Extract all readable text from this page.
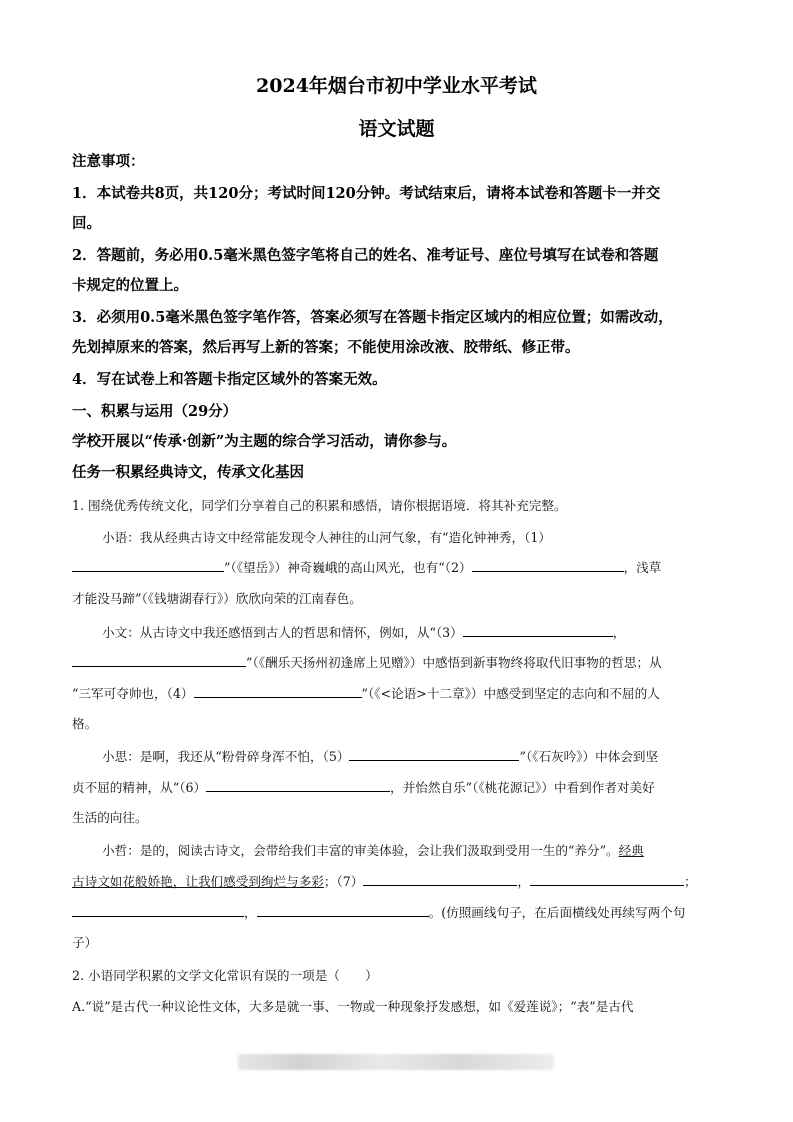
2024年烟台市初中学业水平考试
语文试题
注意事项：
1．本试卷共8页，共120分；考试时间120分钟。考试结束后，请将本试卷和答题卡一并交
回。
2．答题前，务必用0.5毫米黑色签字笔将自己的姓名、准考证号、座位号填写在试卷和答题
卡规定的位置上。
3．必须用0.5毫米黑色签字笔作答，答案必须写在答题卡指定区域内的相应位置；如需改动，
先划掉原来的答案，然后再写上新的答案；不能使用涂改液、胶带纸、修正带。
4．写在试卷上和答题卡指定区域外的答案无效。
一、积累与运用（29分）
学校开展以“传承·创新”为主题的综合学习活动，请你参与。
任务一积累经典诗文，传承文化基因
1. 围绕优秀传统文化，同学们分享着自己的积累和感悟，请你根据语境．将其补充完整。
小语：我从经典古诗文中经常能发现令人神往的山河气象，有“造化钟神秀，（1）
”（《望岳》）神奇巍峨的高山风光，也有“（2）	，浅草
才能没马蹄”（《钱塘湖春行》）欣欣向荣的江南春色。
小文：从古诗文中我还感悟到古人的哲思和情怀，例如，从“（3）	，
”（《酬乐天扬州初逢席上见赠》）中感悟到新事物终将取代旧事物的哲思；从
“三军可夺帅也，（4）	”（《<论语>十二章》）中感受到坚定的志向和不屈的人
格。
小思：是啊，我还从“粉骨碎身浑不怕，（5）	”（《石灰吟》）中体会到坚
贞不屈的精神，从“（6）	，并怡然自乐”（《桃花源记》）中看到作者对美好
生活的向往。
小哲：是的，阅读古诗文，会带给我们丰富的审美体验，会让我们汲取到受用一生的“养分”。经典
古诗文如花般娇艳，让我们感受到绚烂与多彩；（7）	，	；
，	。(仿照画线句子，在后面横线处再续写两个句
子）
2. 小语同学积累的文学文化常识有误的一项是（　　）
A.“说”是古代一种议论性文体，大多是就一事、一物或一种现象抒发感想，如《爱莲说》；“表”是古代
